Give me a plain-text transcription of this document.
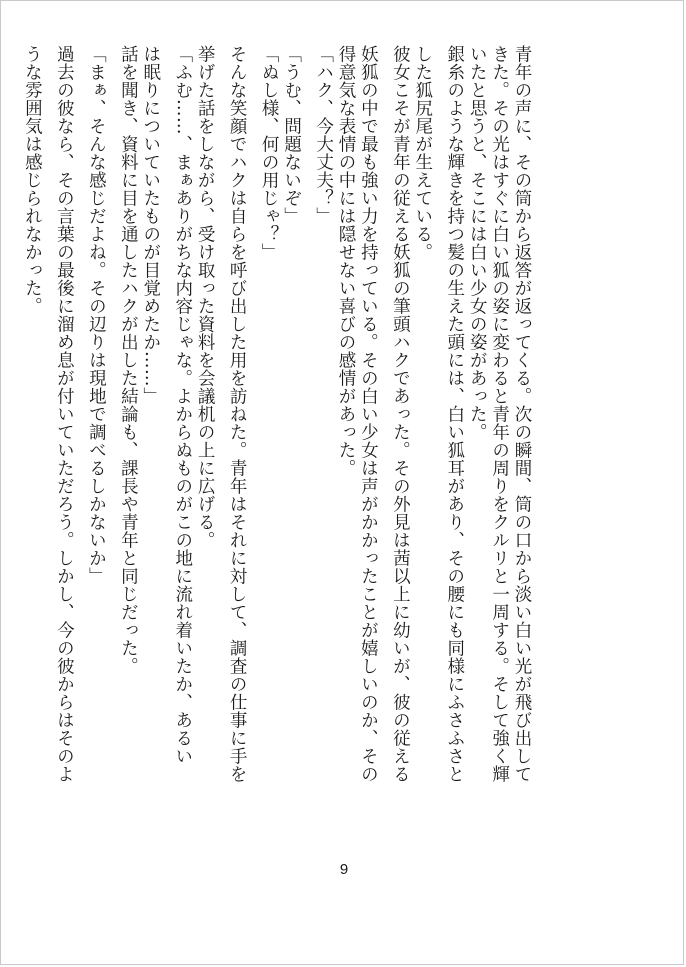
青年の声に、その筒から返答が返ってくる。次の瞬間、筒の口から淡い白い光が飛び出して
きた。その光はすぐに白い狐の姿に変わると青年の周りをクルリと一周する。そして強く輝
いたと思うと、そこには白い少女の姿があった。
銀糸のような輝きを持つ髪の生えた頭には、白い狐耳があり、その腰にも同様にふさふさと
した狐尻尾が生えている。
彼女こそが青年の従える妖狐の筆頭ハクであった。その外見は茜以上に幼いが、彼の従える
妖狐の中で最も強い力を持っている。その白い少女は声がかかったことが嬉しいのか、その
得意気な表情の中には隠せない喜びの感情があった。
「ハク、今大丈夫？」
「うむ、問題ないぞ」
「ぬし様、何の用じゃ？」
そんな笑顔でハクは自らを呼び出した用を訪ねた。青年はそれに対して、調査の仕事に手を
挙げた話をしながら、受け取った資料を会議机の上に広げる。
「ふむ……、まぁありがちな内容じゃな。よからぬものがこの地に流れ着いたか、あるい
は眠りについていたものが目覚めたか……」
話を聞き、資料に目を通したハクが出した結論も、課長や青年と同じだった。
「まぁ、そんな感じだよね。その辺りは現地で調べるしかないか」
過去の彼なら、その言葉の最後に溜め息が付いていただろう。しかし、今の彼からはそのよ
うな雰囲気は感じられなかった。
9
